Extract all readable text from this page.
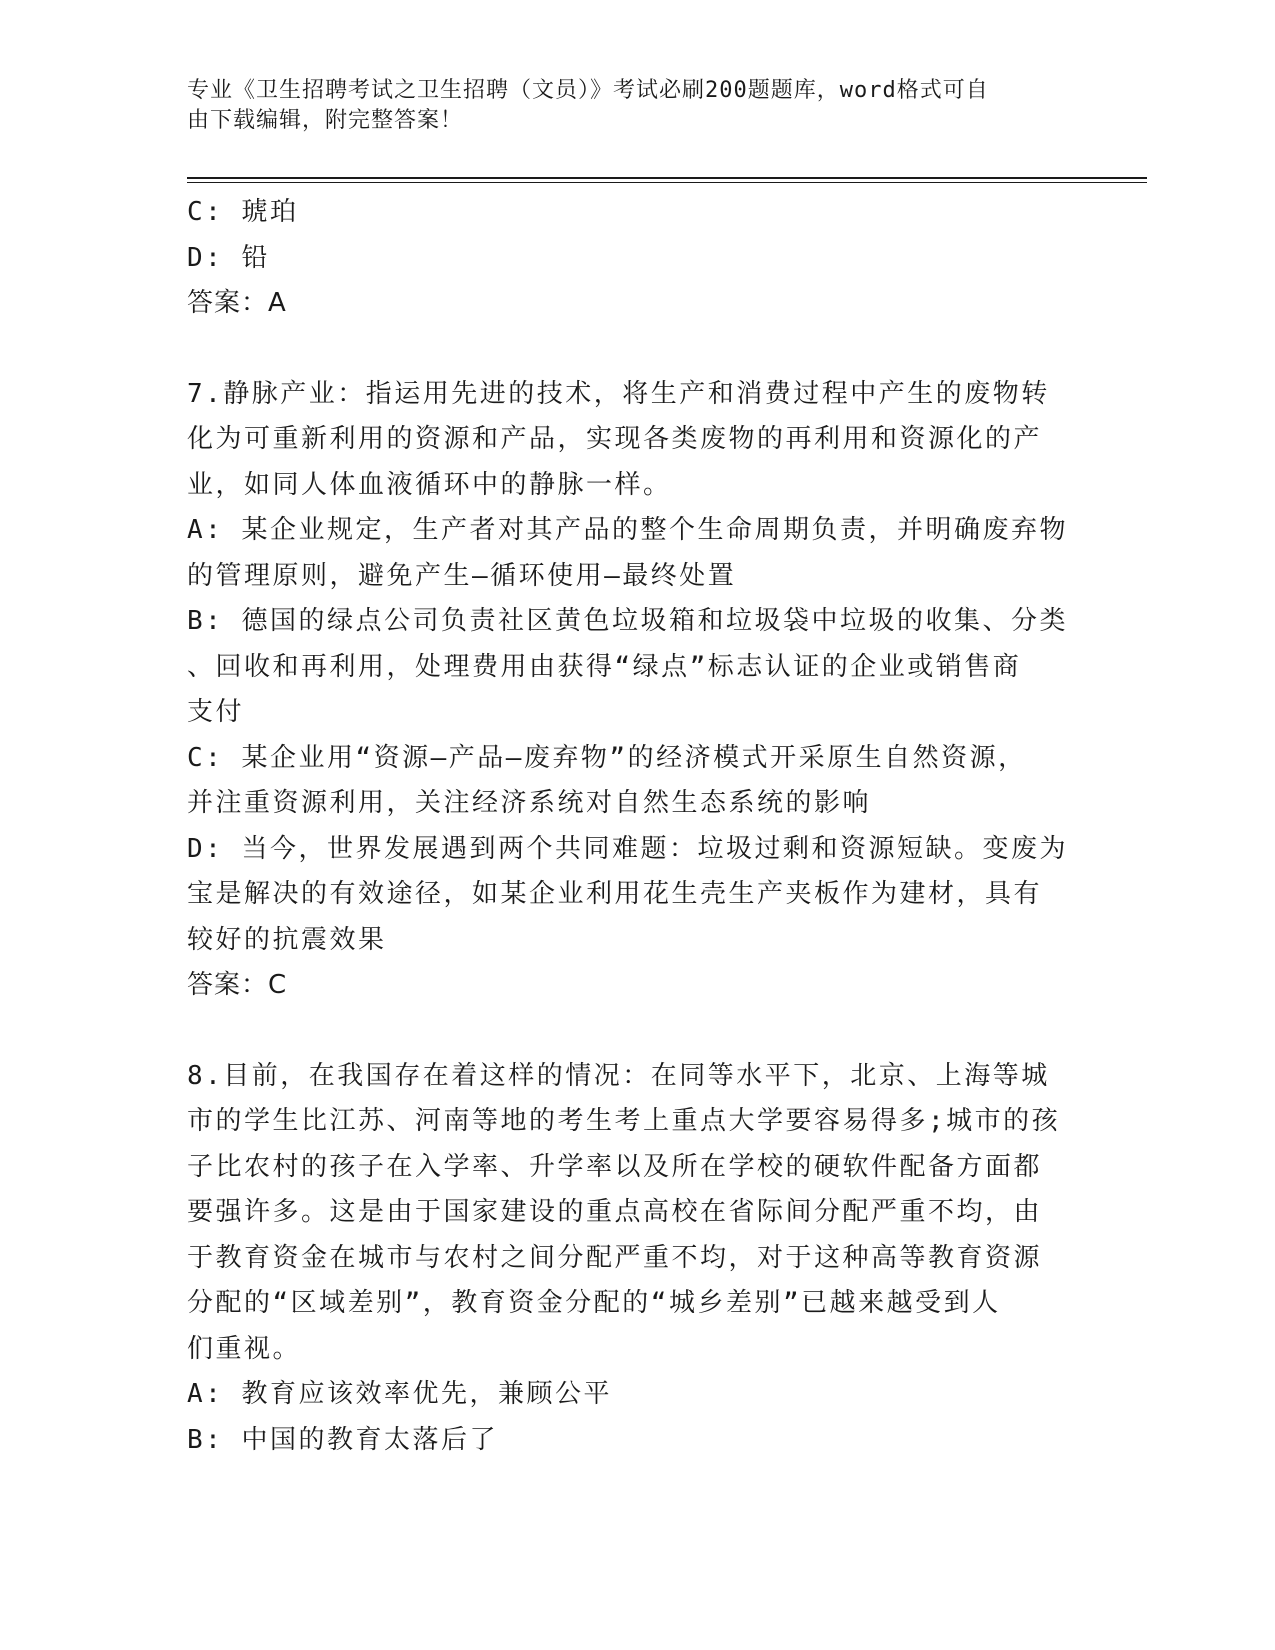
专业《卫生招聘考试之卫生招聘（文员）》考试必刷200题题库，word格式可自
由下载编辑，附完整答案！
C: 琥珀
D: 铅
答案：A
7.静脉产业：指运用先进的技术，将生产和消费过程中产生的废物转
化为可重新利用的资源和产品，实现各类废物的再利用和资源化的产
业，如同人体血液循环中的静脉一样。
A: 某企业规定，生产者对其产品的整个生命周期负责，并明确废弃物
的管理原则，避免产生—循环使用—最终处置
B: 德国的绿点公司负责社区黄色垃圾箱和垃圾袋中垃圾的收集、分类
、回收和再利用，处理费用由获得“绿点”标志认证的企业或销售商
支付
C: 某企业用“资源—产品—废弃物”的经济模式开采原生自然资源，
并注重资源利用，关注经济系统对自然生态系统的影响
D: 当今，世界发展遇到两个共同难题：垃圾过剩和资源短缺。变废为
宝是解决的有效途径，如某企业利用花生壳生产夹板作为建材，具有
较好的抗震效果
答案：C
8.目前，在我国存在着这样的情况：在同等水平下，北京、上海等城
市的学生比江苏、河南等地的考生考上重点大学要容易得多;城市的孩
子比农村的孩子在入学率、升学率以及所在学校的硬软件配备方面都
要强许多。这是由于国家建设的重点高校在省际间分配严重不均，由
于教育资金在城市与农村之间分配严重不均，对于这种高等教育资源
分配的“区域差别”，教育资金分配的“城乡差别”已越来越受到人
们重视。
A: 教育应该效率优先，兼顾公平
B: 中国的教育太落后了
